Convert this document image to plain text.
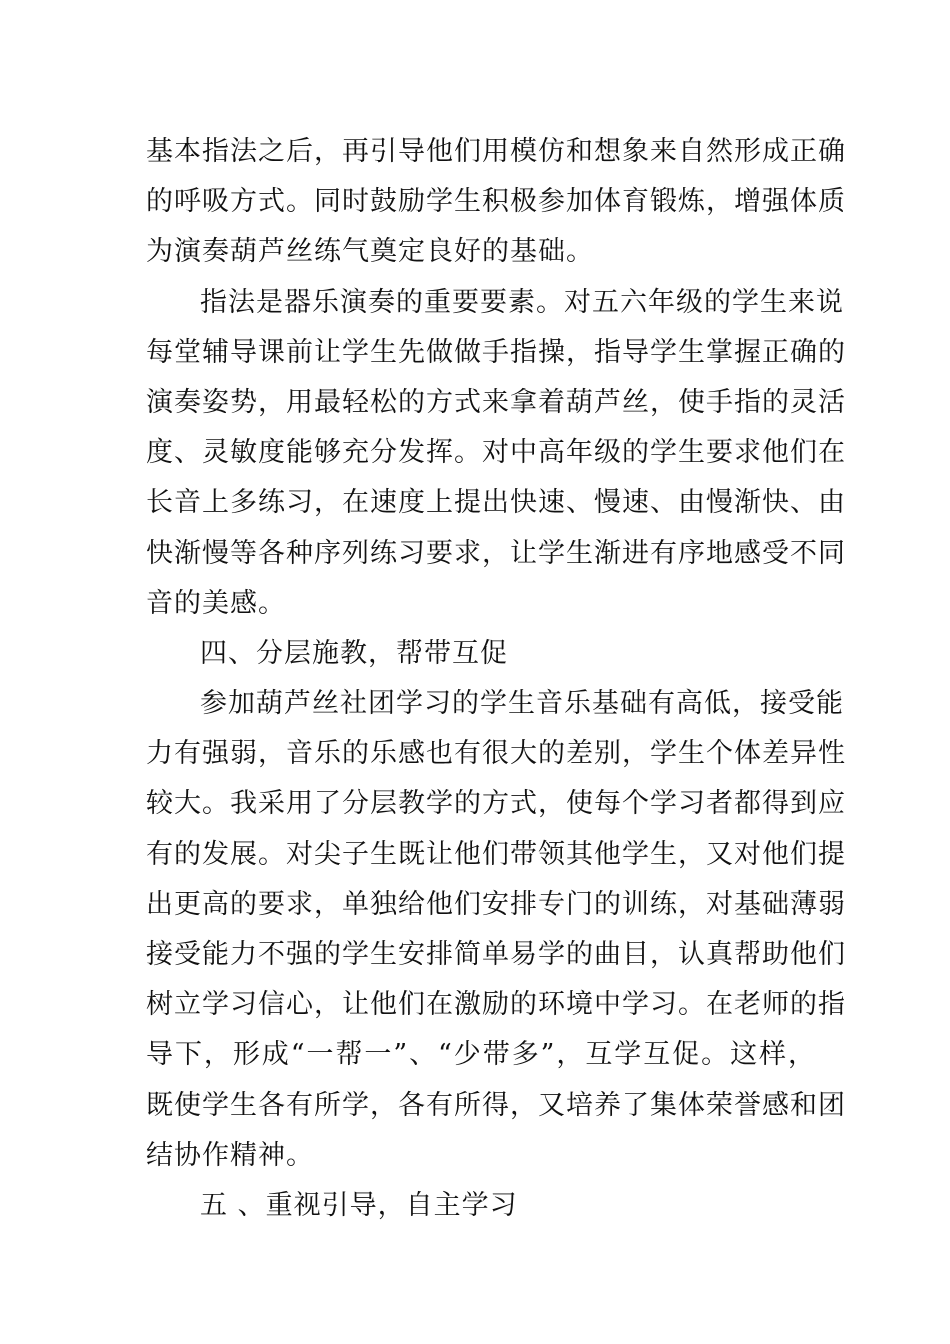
基本指法之后，再引导他们用模仿和想象来自然形成正确
的呼吸方式。同时鼓励学生积极参加体育锻炼，增强体质
为演奏葫芦丝练气奠定良好的基础。
指法是器乐演奏的重要要素。对五六年级的学生来说
每堂辅导课前让学生先做做手指操，指导学生掌握正确的
演奏姿势，用最轻松的方式来拿着葫芦丝，使手指的灵活
度、灵敏度能够充分发挥。对中高年级的学生要求他们在
长音上多练习，在速度上提出快速、慢速、由慢渐快、由
快渐慢等各种序列练习要求，让学生渐进有序地感受不同
音的美感。
四、分层施教，帮带互促
参加葫芦丝社团学习的学生音乐基础有高低，接受能
力有强弱，音乐的乐感也有很大的差别，学生个体差异性
较大。我采用了分层教学的方式，使每个学习者都得到应
有的发展。对尖子生既让他们带领其他学生，又对他们提
出更高的要求，单独给他们安排专门的训练，对基础薄弱
接受能力不强的学生安排简单易学的曲目，认真帮助他们
树立学习信心，让他们在激励的环境中学习。在老师的指
导下，形成“一帮一”、“少带多”，互学互促。这样，
既使学生各有所学，各有所得，又培养了集体荣誉感和团
结协作精神。
五 、重视引导，自主学习
